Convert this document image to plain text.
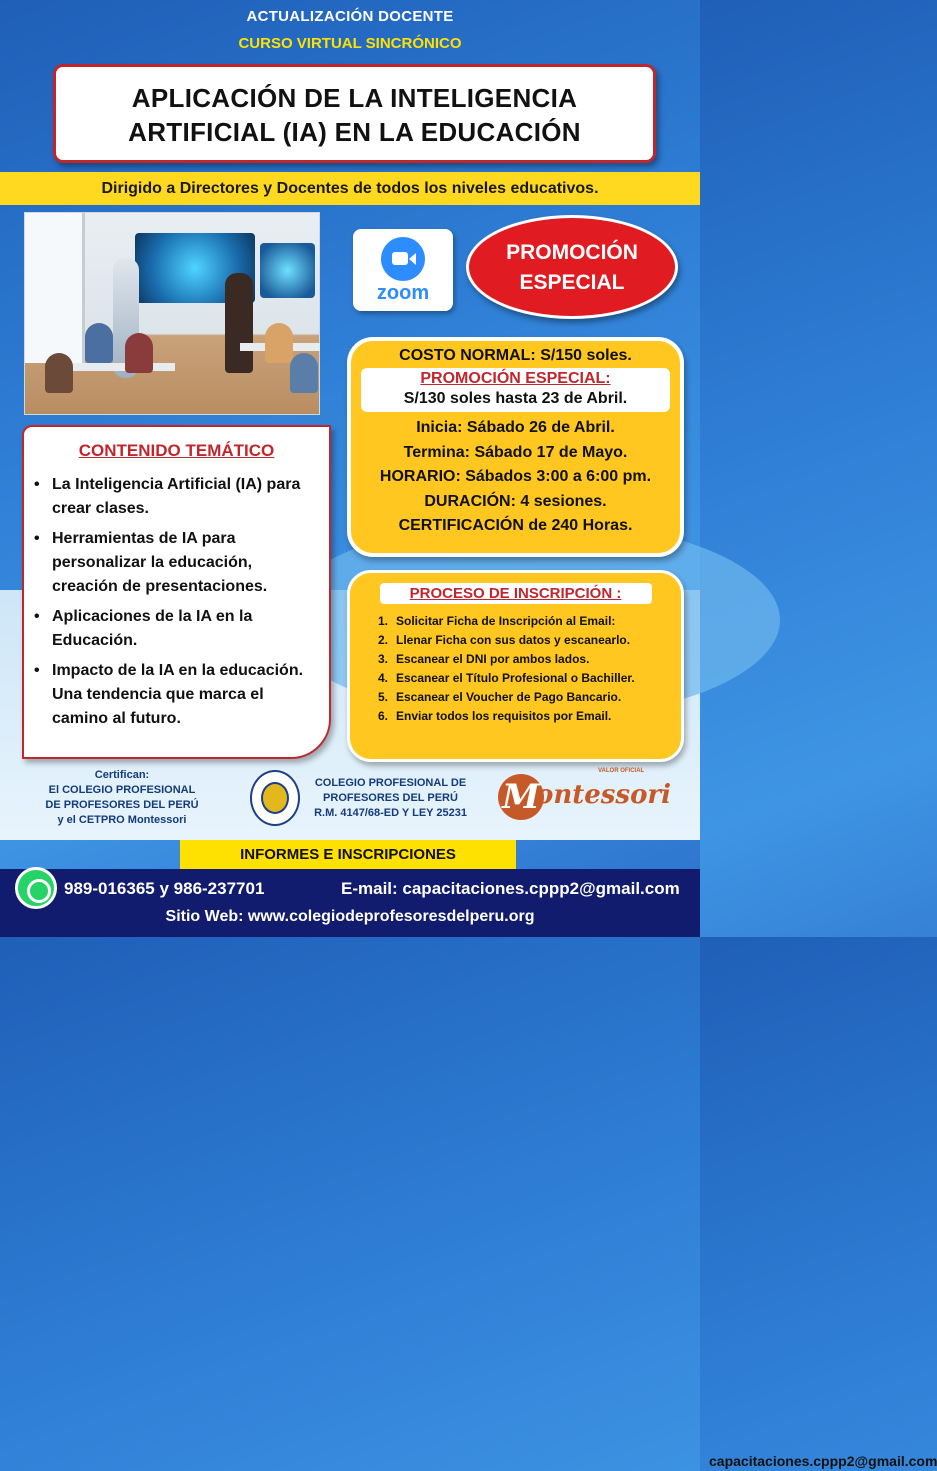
ACTUALIZACIÓN DOCENTE
CURSO VIRTUAL SINCRÓNICO
APLICACIÓN DE LA INTELIGENCIA
ARTIFICIAL (IA) EN LA EDUCACIÓN
Dirigido a Directores y Docentes de todos los niveles educativos.
zoom
PROMOCIÓN
ESPECIAL
COSTO NORMAL: S/150 soles.
PROMOCIÓN ESPECIAL:
S/130 soles hasta 23 de Abril.
Inicia: Sábado 26 de Abril.
Termina: Sábado 17 de Mayo.
HORARIO: Sábados 3:00 a 6:00 pm.
DURACIÓN: 4 sesiones.
CERTIFICACIÓN de 240 Horas.
CONTENIDO TEMÁTICO
• La Inteligencia Artificial (IA) para crear clases.
• Herramientas de IA para personalizar la educación, creación de presentaciones.
• Aplicaciones de la IA en la Educación.
• Impacto de la IA en la educación. Una tendencia que marca el camino al futuro.
PROCESO DE INSCRIPCIÓN :
1. Solicitar Ficha de Inscripción al Email:
capacitaciones.cppp2@gmail.com
2. Llenar Ficha con sus datos y escanearlo.
3. Escanear el DNI por ambos lados.
4. Escanear el Título Profesional o Bachiller.
5. Escanear el Voucher de Pago Bancario.
6. Enviar todos los requisitos por Email.
Certifican:
El COLEGIO PROFESIONAL
DE PROFESORES DEL PERÚ
y el CETPRO Montessori
COLEGIO PROFESIONAL DE
PROFESORES DEL PERÚ
R.M. 4147/68-ED Y LEY 25231
VALOR OFICIAL
M
ontessori
INFORMES E INSCRIPCIONES
989-016365 y 986-237701	E-mail: capacitaciones.cppp2@gmail.com
Sitio Web: www.colegiodeprofesoresdelperu.org
